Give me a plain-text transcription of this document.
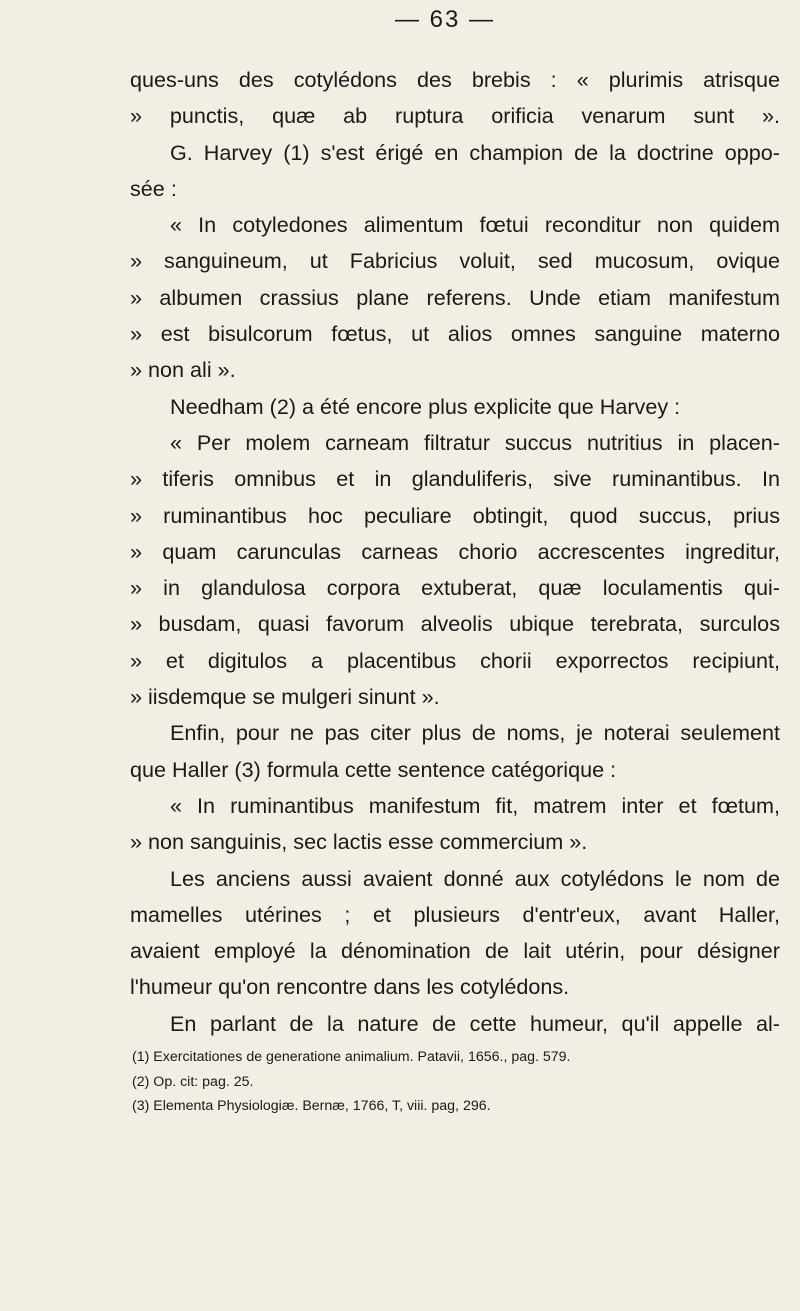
— 63 —
ques-uns des cotylédons des brebis : « plurimis atrisque
» punctis, quæ ab ruptura orificia venarum sunt ».
G. Harvey (1) s'est érigé en champion de la doctrine oppo-
sée :
« In cotyledones alimentum fœtui reconditur non quidem
» sanguineum, ut Fabricius voluit, sed mucosum, ovique
» albumen crassius plane referens. Unde etiam manifestum
» est bisulcorum fœtus, ut alios omnes sanguine materno
» non ali ».
Needham (2) a été encore plus explicite que Harvey :
« Per molem carneam filtratur succus nutritius in placen-
» tiferis omnibus et in glanduliferis, sive ruminantibus. In
» ruminantibus hoc peculiare obtingit, quod succus, prius
» quam carunculas carneas chorio accrescentes ingreditur,
» in glandulosa corpora extuberat, quæ loculamentis qui-
» busdam, quasi favorum alveolis ubique terebrata, surculos
» et digitulos a placentibus chorii exporrectos recipiunt,
» iisdemque se mulgeri sinunt ».
Enfin, pour ne pas citer plus de noms, je noterai seulement
que Haller (3) formula cette sentence catégorique :
« In ruminantibus manifestum fit, matrem inter et fœtum,
» non sanguinis, sec lactis esse commercium ».
Les anciens aussi avaient donné aux cotylédons le nom de
mamelles utérines ; et plusieurs d'entr'eux, avant Haller,
avaient employé la dénomination de lait utérin, pour désigner
l'humeur qu'on rencontre dans les cotylédons.
En parlant de la nature de cette humeur, qu'il appelle al-
(1) Exercitationes de generatione animalium. Patavii, 1656., pag. 579.
(2) Op. cit: pag. 25.
(3) Elementa Physiologiæ. Bernæ, 1766, T, viii. pag, 296.
